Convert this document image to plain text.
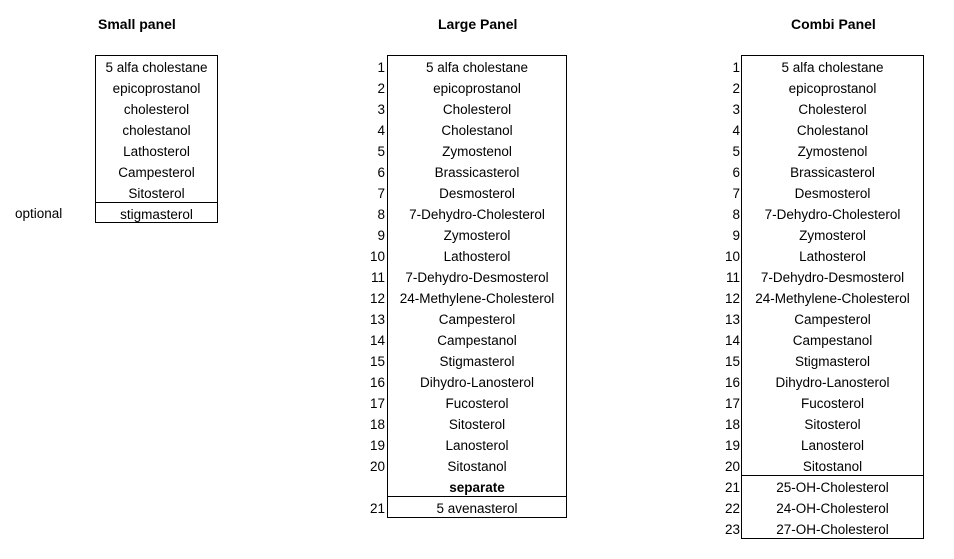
Small panel	Large Panel	Combi Panel
5 alfa cholestane
epicoprostanol
cholesterol
cholestanol
Lathosterol
Campesterol
Sitosterol
stigmasterol
optional
1	5 alfa cholestane
2	epicoprostanol
3	Cholesterol
4	Cholestanol
5	Zymostenol
6	Brassicasterol
7	Desmosterol
8	7-Dehydro-Cholesterol
9	Zymosterol
10	Lathosterol
11	7-Dehydro-Desmosterol
12	24-Methylene-Cholesterol
13	Campesterol
14	Campestanol
15	Stigmasterol
16	Dihydro-Lanosterol
17	Fucosterol
18	Sitosterol
19	Lanosterol
20	Sitostanol
separate
21	5 avenasterol
1	5 alfa cholestane
2	epicoprostanol
3	Cholesterol
4	Cholestanol
5	Zymostenol
6	Brassicasterol
7	Desmosterol
8	7-Dehydro-Cholesterol
9	Zymosterol
10	Lathosterol
11	7-Dehydro-Desmosterol
12	24-Methylene-Cholesterol
13	Campesterol
14	Campestanol
15	Stigmasterol
16	Dihydro-Lanosterol
17	Fucosterol
18	Sitosterol
19	Lanosterol
20	Sitostanol
21	25-OH-Cholesterol
22	24-OH-Cholesterol
23	27-OH-Cholesterol
